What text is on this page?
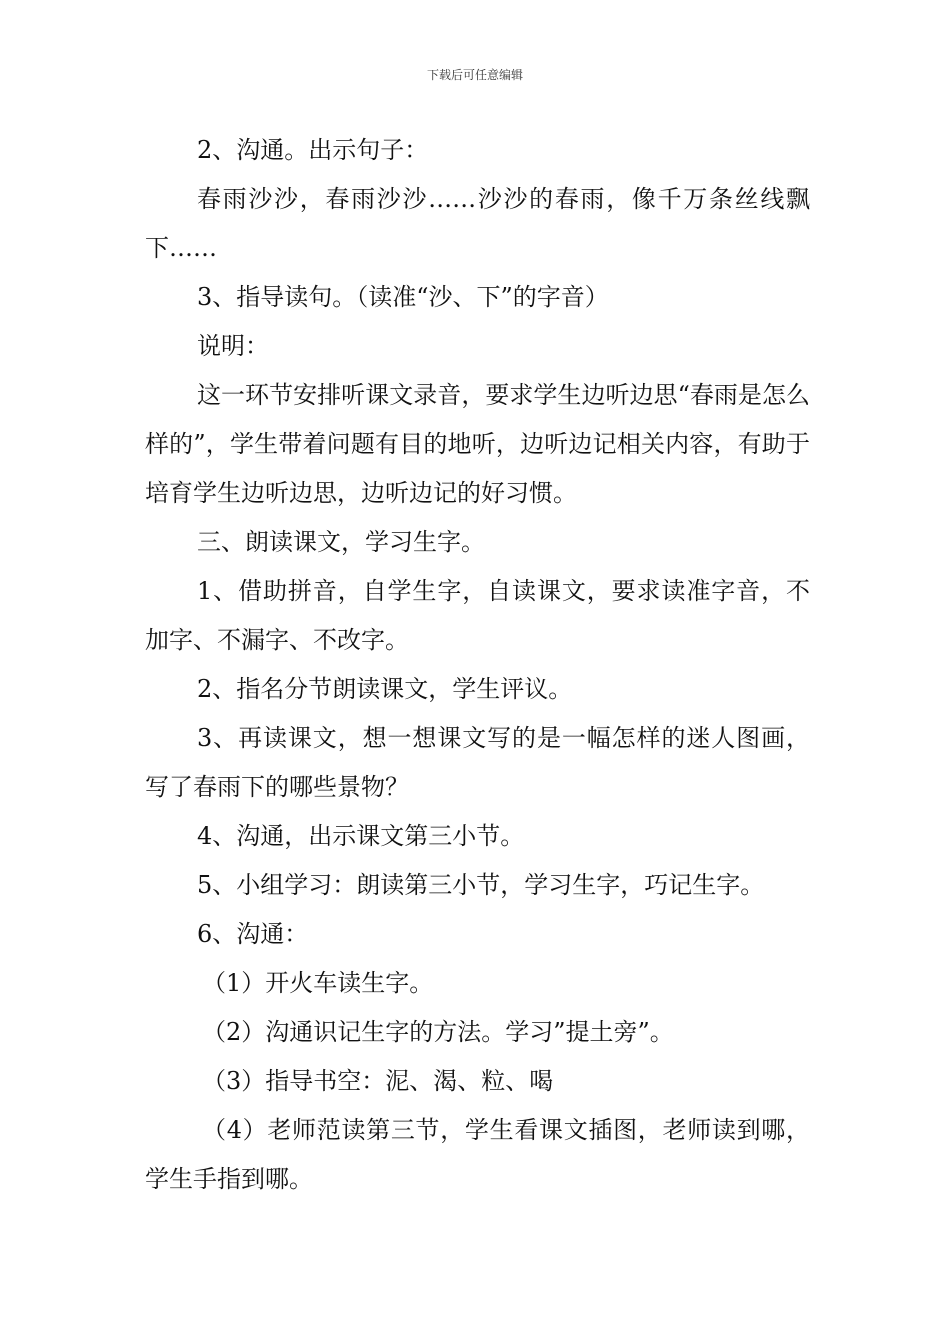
下载后可任意编辑

2、沟通。出示句子：

春雨沙沙，春雨沙沙……沙沙的春雨，像千万条丝线飘下……

3、指导读句。（读准“沙、下”的字音）

说明：

这一环节安排听课文录音，要求学生边听边思“春雨是怎么样的”，学生带着问题有目的地听，边听边记相关内容，有助于培育学生边听边思，边听边记的好习惯。

三、朗读课文，学习生字。

1、借助拼音，自学生字，自读课文，要求读准字音，不加字、不漏字、不改字。

2、指名分节朗读课文，学生评议。

3、再读课文，想一想课文写的是一幅怎样的迷人图画，写了春雨下的哪些景物？

4、沟通，出示课文第三小节。

5、小组学习：朗读第三小节，学习生字，巧记生字。

6、沟通：

（1）开火车读生字。

（2）沟通识记生字的方法。学习”提土旁”。

（3）指导书空：泥、渴、粒、喝

（4）老师范读第三节，学生看课文插图，老师读到哪，学生手指到哪。
